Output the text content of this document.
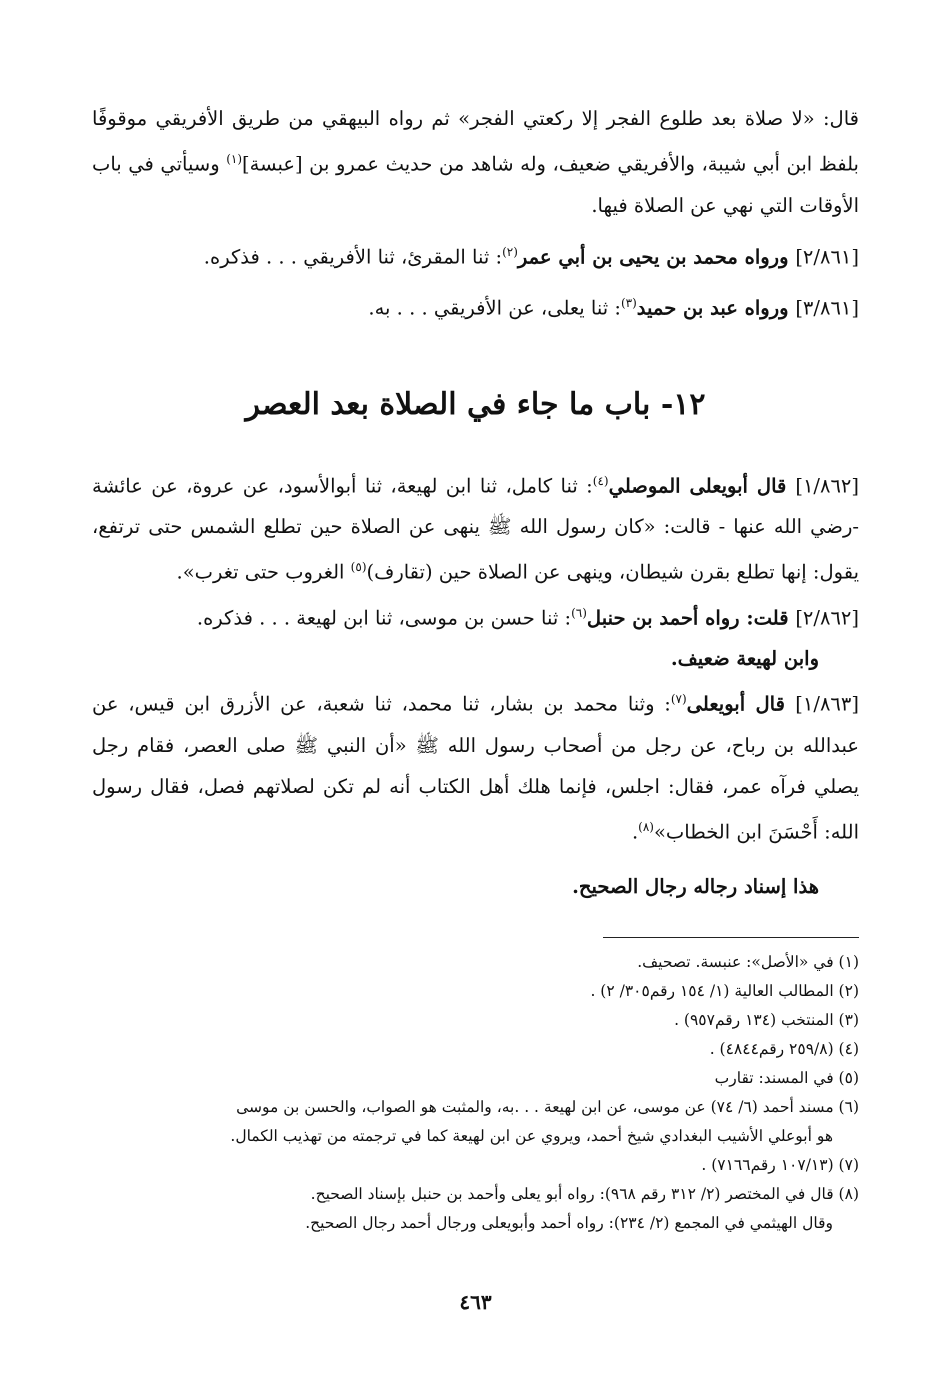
قال: «لا صلاة بعد طلوع الفجر إلا ركعتي الفجر» ثم رواه البيهقي من طريق الأفريقي موقوفًا بلفظ ابن أبي شيبة، والأفريقي ضعيف، وله شاهد من حديث عمرو بن [عبسة]$^{(١)}$ وسيأتي في باب الأوقات التي نهي عن الصلاة فيها.

[٢/٨٦١] ورواه محمد بن يحيى بن أبي عمر$^{(٢)}$: ثنا المقرئ، ثنا الأفريقي . . . فذكره.

[٣/٨٦١] ورواه عبد بن حميد$^{(٣)}$: ثنا يعلى، عن الأفريقي . . . به.

١٢- باب ما جاء في الصلاة بعد العصر

[١/٨٦٢] قال أبويعلى الموصلي$^{(٤)}$: ثنا كامل، ثنا ابن لهيعة، ثنا أبوالأسود، عن عروة، عن عائشة -رضي الله عنها - قالت: «كان رسول الله ﷺ ينهى عن الصلاة حين تطلع الشمس حتى ترتفع، يقول: إنها تطلع بقرن شيطان، وينهى عن الصلاة حين (تقارف)$^{(٥)}$ الغروب حتى تغرب».

[٢/٨٦٢] قلت: رواه أحمد بن حنبل$^{(٦)}$: ثنا حسن بن موسى، ثنا ابن لهيعة . . . فذكره.

وابن لهيعة ضعيف.

[١/٨٦٣] قال أبويعلى$^{(٧)}$: وثنا محمد بن بشار، ثنا محمد، ثنا شعبة، عن الأزرق ابن قيس، عن عبدالله بن رباح، عن رجل من أصحاب رسول الله ﷺ «أن النبي ﷺ صلى العصر، فقام رجل يصلي فرآه عمر، فقال: اجلس، فإنما هلك أهل الكتاب أنه لم تكن لصلاتهم فصل، فقال رسول الله: أَحْسَنَ ابن الخطاب»$^{(٨)}$.

هذا إسناد رجاله رجال الصحيح.

(١) في «الأصل»: عنبسة. تصحيف.

(٢) المطالب العالية (١/ ١٥٤ رقم٣٠٥/ ٢) .

(٣) المنتخب (١٣٤ رقم٩٥٧) .

(٤) (٢٥٩/٨ رقم٤٨٤٤) .

(٥) في المسند: تقارب

(٦) مسند أحمد (٦/ ٧٤) عن موسى، عن ابن لهيعة . . .به، والمثبت هو الصواب، والحسن بن موسى

هو أبوعلي الأشيب البغدادي شيخ أحمد، ويروي عن ابن لهيعة كما في ترجمته من تهذيب الكمال.

(٧) (١٠٧/١٣ رقم٧١٦٦) .

(٨) قال في المختصر (٢/ ٣١٢ رقم ٩٦٨): رواه أبو يعلى وأحمد بن حنبل بإسناد الصحيح.

وقال الهيثمي في المجمع (٢/ ٢٣٤): رواه أحمد وأبويعلى ورجال أحمد رجال الصحيح.

٤٦٣
